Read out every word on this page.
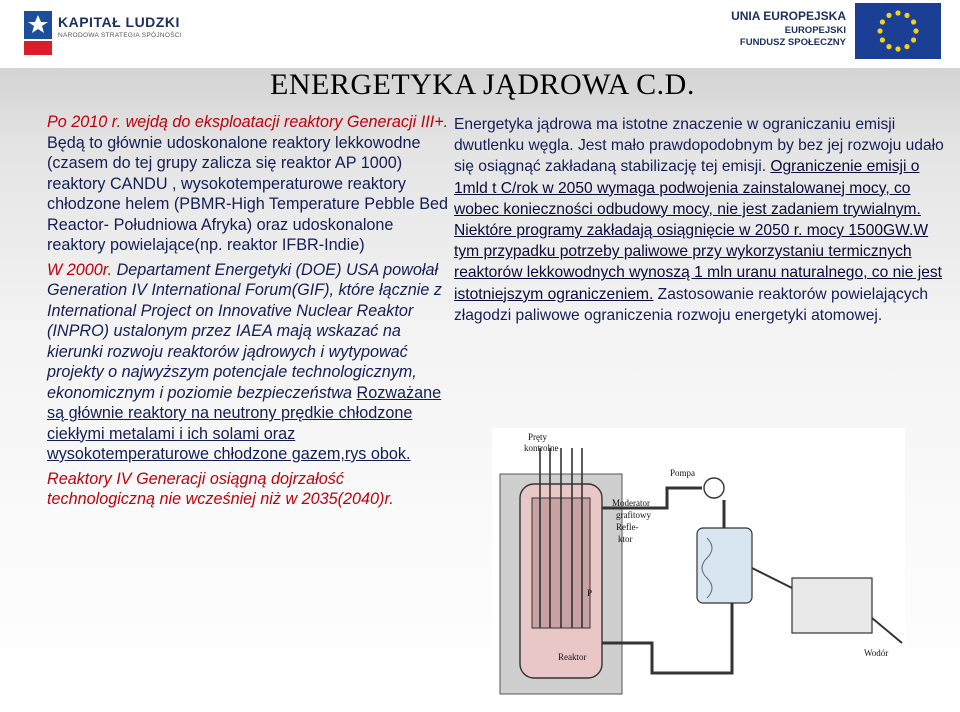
KAPITAŁ LUDZKI
NARODOWA STRATEGIA SPÓJNOŚCI
UNIA EUROPEJSKA
EUROPEJSKI
FUNDUSZ SPOŁECZNY
ENERGETYKA JĄDROWA C.D.

Po 2010 r. wejdą do eksploatacji reaktory Generacji III+. Będą to głównie udoskonalone reaktory lekkowodne (czasem do tej grupy zalicza się reaktor AP 1000) reaktory CANDU , wysokotemperaturowe reaktory chłodzone helem (PBMR-High Temperature Pebble Bed Reactor- Południowa Afryka) oraz udoskonalone reaktory powielające(np. reaktor IFBR-Indie)

W 2000r. Departament Energetyki (DOE) USA powołał Generation IV International Forum(GIF), które łącznie z International Project on Innovative Nuclear Reaktor (INPRO) ustalonym przez IAEA mają wskazać na kierunki rozwoju reaktorów jądrowych i wytypować projekty o najwyższym potencjale technologicznym, ekonomicznym i poziomie bezpieczeństwa Rozważane są głównie reaktory na neutrony prędkie chłodzone ciekłymi metalami i ich solami oraz wysokotemperaturowe chłodzone gazem,rys obok.

Reaktory IV Generacji osiągną dojrzałość technologiczną nie wcześniej niż w 2035(2040)r.

Energetyka jądrowa ma istotne znaczenie w ograniczaniu emisji dwutlenku węgla. Jest mało prawdopodobnym by bez jej rozwoju udało się osiągnąć zakładaną stabilizację tej emisji. Ograniczenie emisji o 1mld t C/rok w 2050 wymaga podwojenia zainstalowanej mocy, co wobec konieczności odbudowy mocy, nie jest zadaniem trywialnym. Niektóre programy zakładają osiągnięcie w 2050 r. mocy 1500GW.W tym przypadku potrzeby paliwowe przy wykorzystaniu termicznych reaktorów lekkowodnych wynoszą 1 mln uranu naturalnego, co nie jest istotniejszym ograniczeniem. Zastosowanie reaktorów powielających złagodzi paliwowe ograniczenia rozwoju energetyki atomowej.
Pręty
kontrolne
Moderator
grafitowy
Refle-
ktor
Pompa
P
Reaktor	Wodór
